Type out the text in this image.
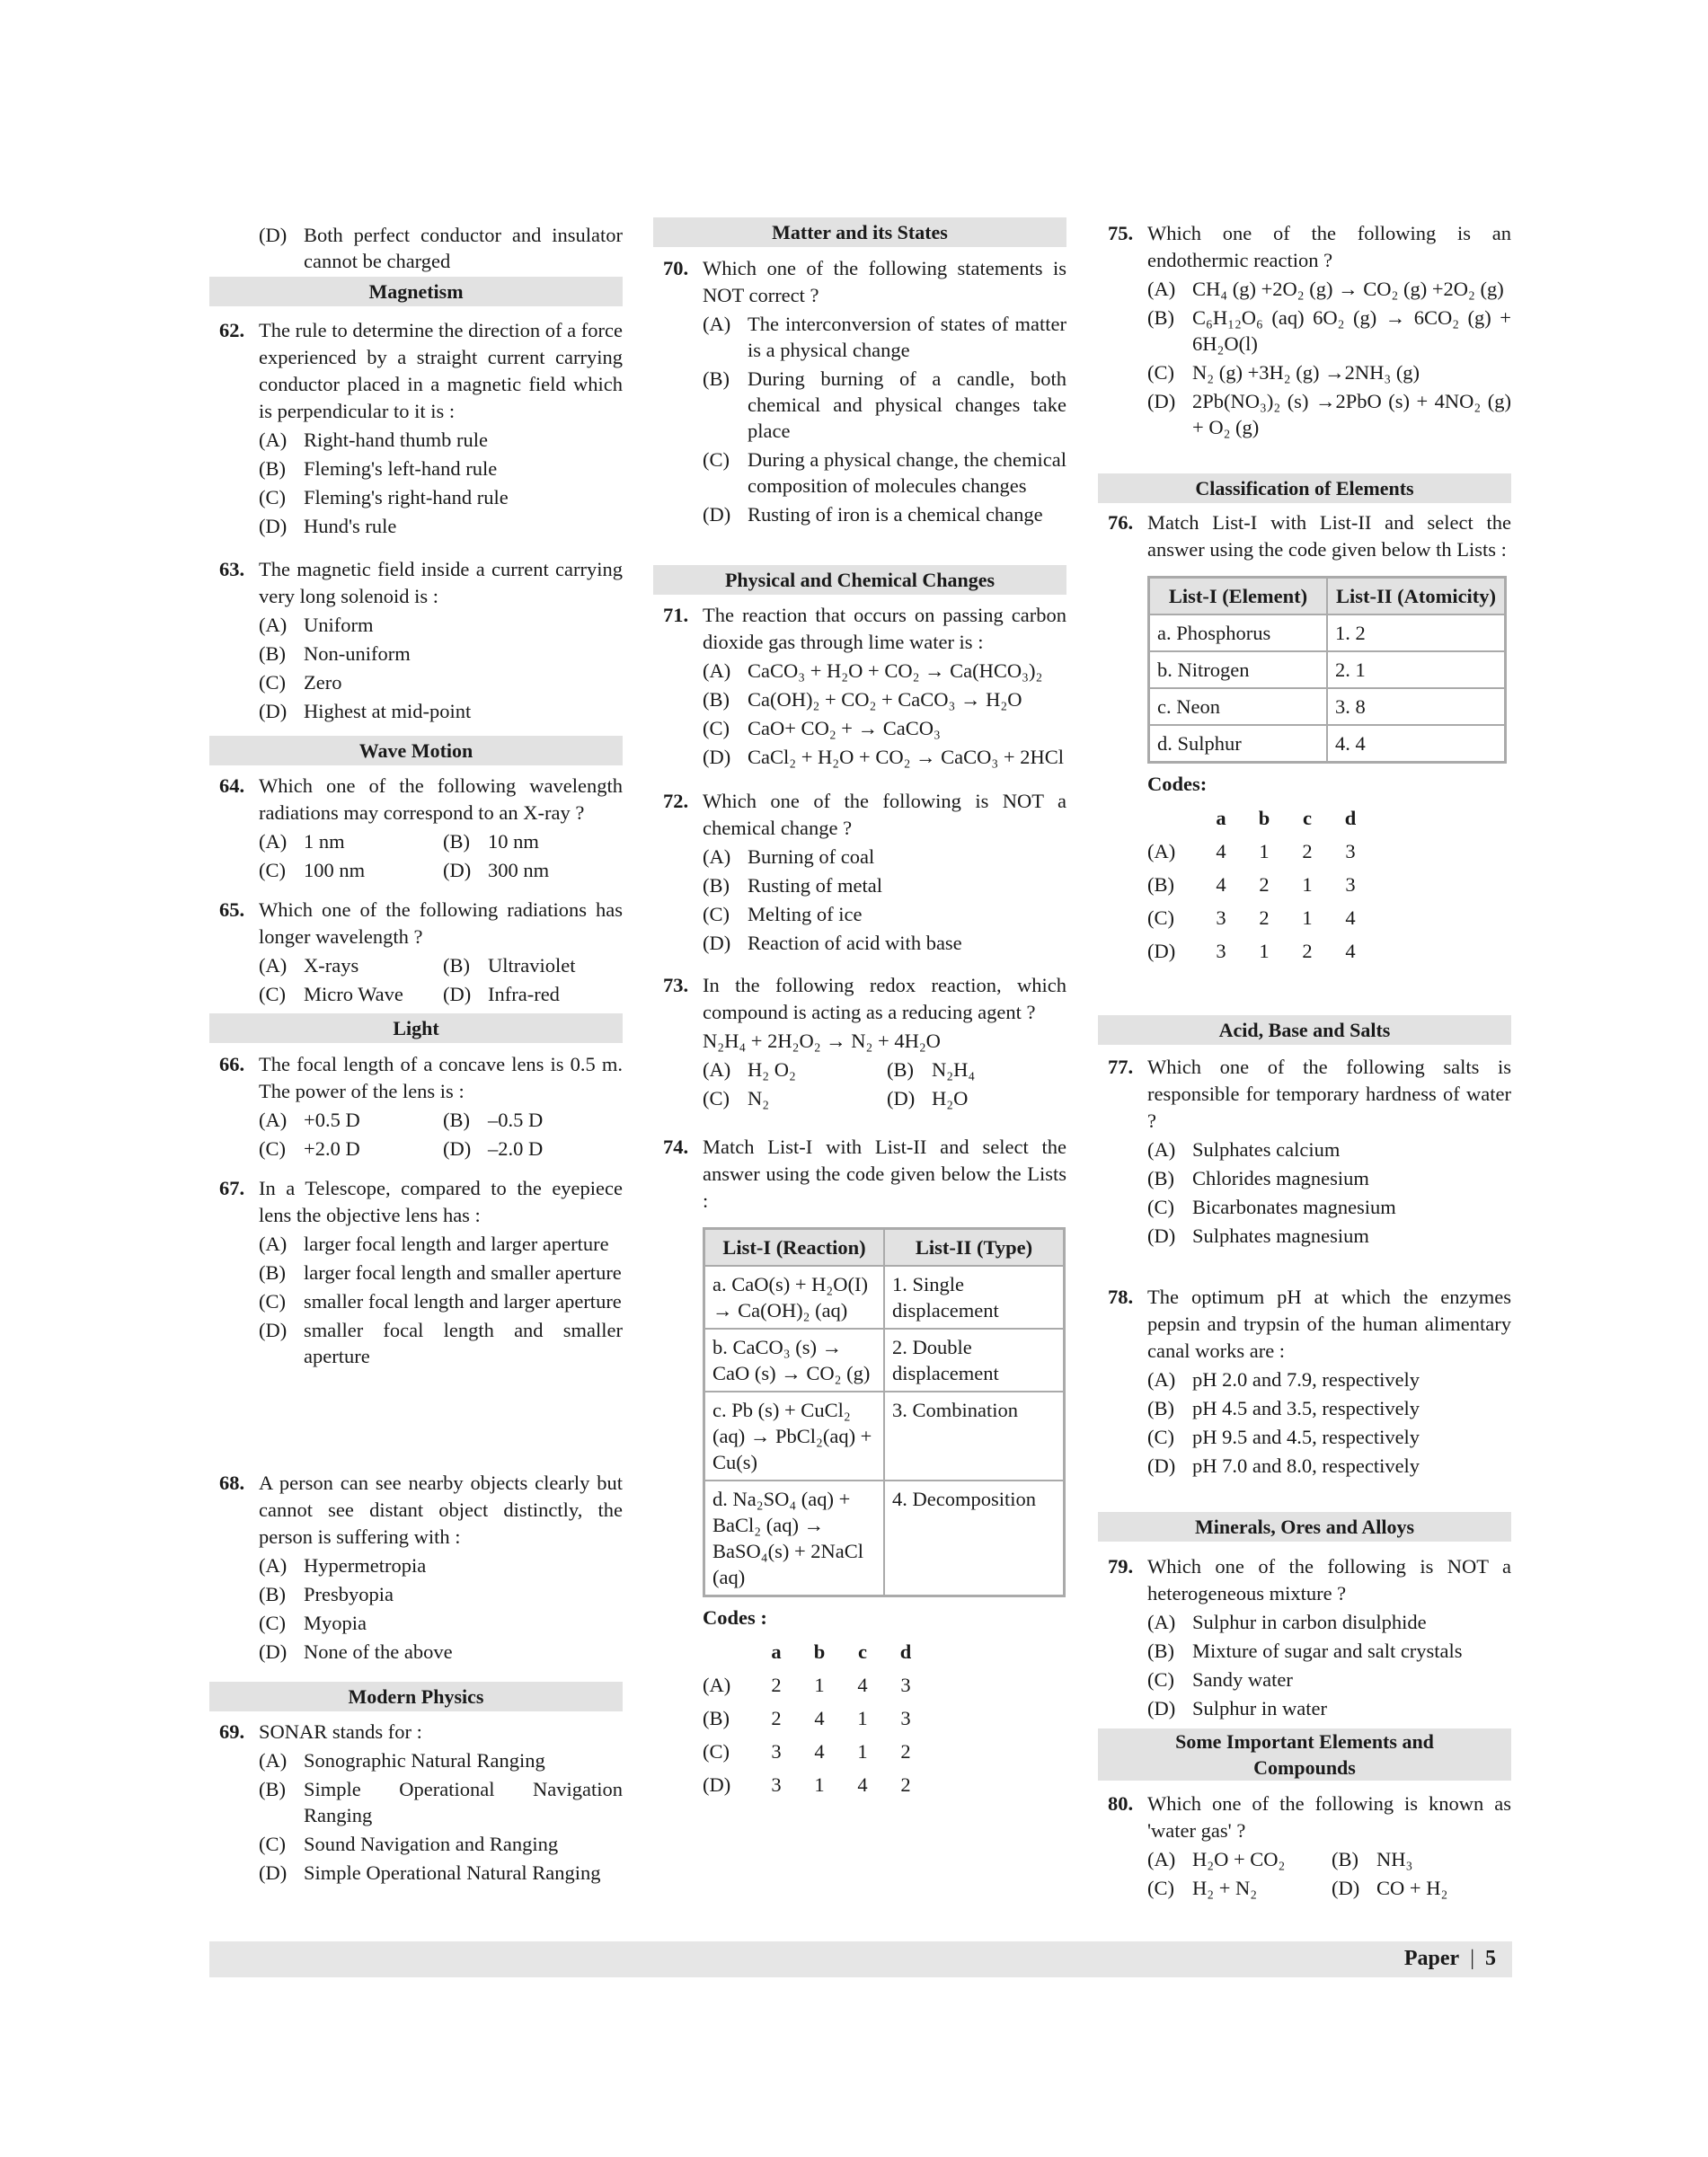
(D) Both perfect conductor and insulator cannot be charged
Magnetism
62. The rule to determine the direction of a force experienced by a straight current carrying conductor placed in a magnetic field which is perpendicular to it is :
(A) Right-hand thumb rule
(B) Fleming's left-hand rule
(C) Fleming's right-hand rule
(D) Hund's rule
63. The magnetic field inside a current carrying very long solenoid is :
(A) Uniform
(B) Non-uniform
(C) Zero
(D) Highest at mid-point
Wave Motion
64. Which one of the following wavelength radiations may correspond to an X-ray ?
(A) 1 nm	(B) 10 nm
(C) 100 nm	(D) 300 nm
65. Which one of the following radiations has longer wavelength ?
(A) X-rays	(B) Ultraviolet
(C) Micro Wave	(D) Infra-red
Light
66. The focal length of a concave lens is 0.5 m. The power of the lens is :
(A) +0.5 D	(B) –0.5 D
(C) +2.0 D	(D) –2.0 D
67. In a Telescope, compared to the eyepiece lens the objective lens has :
(A) larger focal length and larger aperture
(B) larger focal length and smaller aperture
(C) smaller focal length and larger aperture
(D) smaller focal length and smaller aperture
68. A person can see nearby objects clearly but cannot see distant object distinctly, the person is suffering with :
(A) Hypermetropia
(B) Presbyopia
(C) Myopia
(D) None of the above
Modern Physics
69. SONAR stands for :
(A) Sonographic Natural Ranging
(B) Simple Operational Navigation Ranging
(C) Sound Navigation and Ranging
(D) Simple Operational Natural Ranging
Matter and its States
70. Which one of the following statements is NOT correct ?
(A) The interconversion of states of matter is a physical change
(B) During burning of a candle, both chemical and physical changes take place
(C) During a physical change, the chemical composition of molecules changes
(D) Rusting of iron is a chemical change
Physical and Chemical Changes
71. The reaction that occurs on passing carbon dioxide gas through lime water is :
(A) CaCO₃ + H₂O + CO₂ → Ca(HCO₃)₂
(B) Ca(OH)₂ + CO₂ + CaCO₃ → H₂O
(C) CaO+ CO₂ + → CaCO₃
(D) CaCl₂ + H₂O + CO₂ → CaCO₃ + 2HCl
72. Which one of the following is NOT a chemical change ?
(A) Burning of coal
(B) Rusting of metal
(C) Melting of ice
(D) Reaction of acid with base
73. In the following redox reaction, which compound is acting as a reducing agent ?
N₂H₄ + 2H₂O₂ → N₂ + 4H₂O
(A) H₂ O₂	(B) N₂H₄
(C) N₂	(D) H₂O
74. Match List-I with List-II and select the answer using the code given below the Lists :
List-I (Reaction)	List-II (Type)
a. CaO(s) + H₂O(I) → Ca(OH)₂ (aq)	1. Single displacement
b. CaCO₃ (s) → CaO (s) → CO₂ (g)	2. Double displacement
c. Pb (s) + CuCl₂ (aq) → PbCl₂(aq) + Cu(s)	3. Combination
d. Na₂SO₄ (aq) + BaCl₂ (aq) → BaSO₄(s) + 2NaCl (aq)	4. Decomposition
Codes :
	a	b	c	d
(A)	2	1	4	3
(B)	2	4	1	3
(C)	3	4	1	2
(D)	3	1	4	2
75. Which one of the following is an endothermic reaction ?
(A) CH₄ (g) +2O₂ (g) → CO₂ (g) +2O₂ (g)
(B) C₆H₁₂O₆ (aq) 6O₂ (g) → 6CO₂ (g) + 6H₂O(l)
(C) N₂ (g) +3H₂ (g) →2NH₃ (g)
(D) 2Pb(NO₃)₂ (s) →2PbO (s) + 4NO₂ (g) + O₂ (g)
Classification of Elements
76. Match List-I with List-II and select the answer using the code given below th Lists :
List-I (Element)	List-II (Atomicity)
a. Phosphorus	1. 2
b. Nitrogen	2. 1
c. Neon	3. 8
d. Sulphur	4. 4
Codes:
	a	b	c	d
(A)	4	1	2	3
(B)	4	2	1	3
(C)	3	2	1	4
(D)	3	1	2	4
Acid, Base and Salts
77. Which one of the following salts is responsible for temporary hardness of water ?
(A) Sulphates calcium
(B) Chlorides magnesium
(C) Bicarbonates magnesium
(D) Sulphates magnesium
78. The optimum pH at which the enzymes pepsin and trypsin of the human alimentary canal works are :
(A) pH 2.0 and 7.9, respectively
(B) pH 4.5 and 3.5, respectively
(C) pH 9.5 and 4.5, respectively
(D) pH 7.0 and 8.0, respectively
Minerals, Ores and Alloys
79. Which one of the following is NOT a heterogeneous mixture ?
(A) Sulphur in carbon disulphide
(B) Mixture of sugar and salt crystals
(C) Sandy water
(D) Sulphur in water
Some Important Elements and Compounds
80. Which one of the following is known as 'water gas' ?
(A) H₂O + CO₂	(B) NH₃
(C) H₂ + N₂	(D) CO + H₂
Paper | 5
